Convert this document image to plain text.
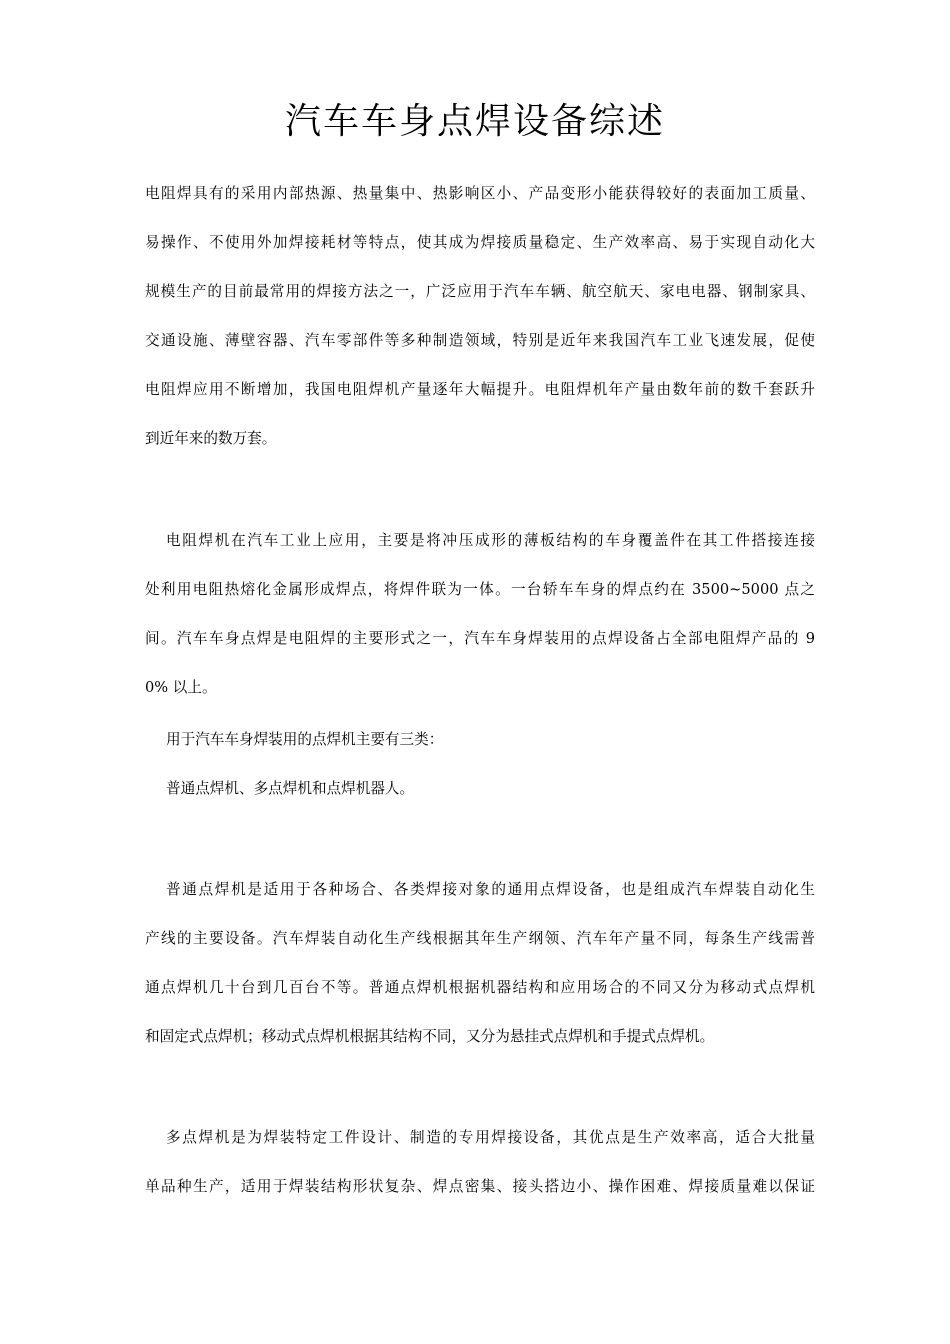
汽车车身点焊设备综述

电阻焊具有的采用内部热源、热量集中、热影响区小、产品变形小能获得较好的表面加工质量、

易操作、不使用外加焊接耗材等特点，使其成为焊接质量稳定、生产效率高、易于实现自动化大

规模生产的目前最常用的焊接方法之一，广泛应用于汽车车辆、航空航天、家电电器、钢制家具、

交通设施、薄壁容器、汽车零部件等多种制造领域，特别是近年来我国汽车工业飞速发展，促使

电阻焊应用不断增加，我国电阻焊机产量逐年大幅提升。电阻焊机年产量由数年前的数千套跃升

到近年来的数万套。

电阻焊机在汽车工业上应用，主要是将冲压成形的薄板结构的车身覆盖件在其工件搭接连接

处利用电阻热熔化金属形成焊点，将焊件联为一体。一台轿车车身的焊点约在 3500~5000 点之

间。汽车车身点焊是电阻焊的主要形式之一，汽车车身焊装用的点焊设备占全部电阻焊产品的 9

0% 以上。

用于汽车车身焊装用的点焊机主要有三类：

普通点焊机、多点焊机和点焊机器人。

普通点焊机是适用于各种场合、各类焊接对象的通用点焊设备，也是组成汽车焊装自动化生

产线的主要设备。汽车焊装自动化生产线根据其年生产纲领、汽车年产量不同，每条生产线需普

通点焊机几十台到几百台不等。普通点焊机根据机器结构和应用场合的不同又分为移动式点焊机

和固定式点焊机；移动式点焊机根据其结构不同，又分为悬挂式点焊机和手提式点焊机。

多点焊机是为焊装特定工件设计、制造的专用焊接设备，其优点是生产效率高，适合大批量

单品种生产，适用于焊装结构形状复杂、焊点密集、接头搭边小、操作困难、焊接质量难以保证
